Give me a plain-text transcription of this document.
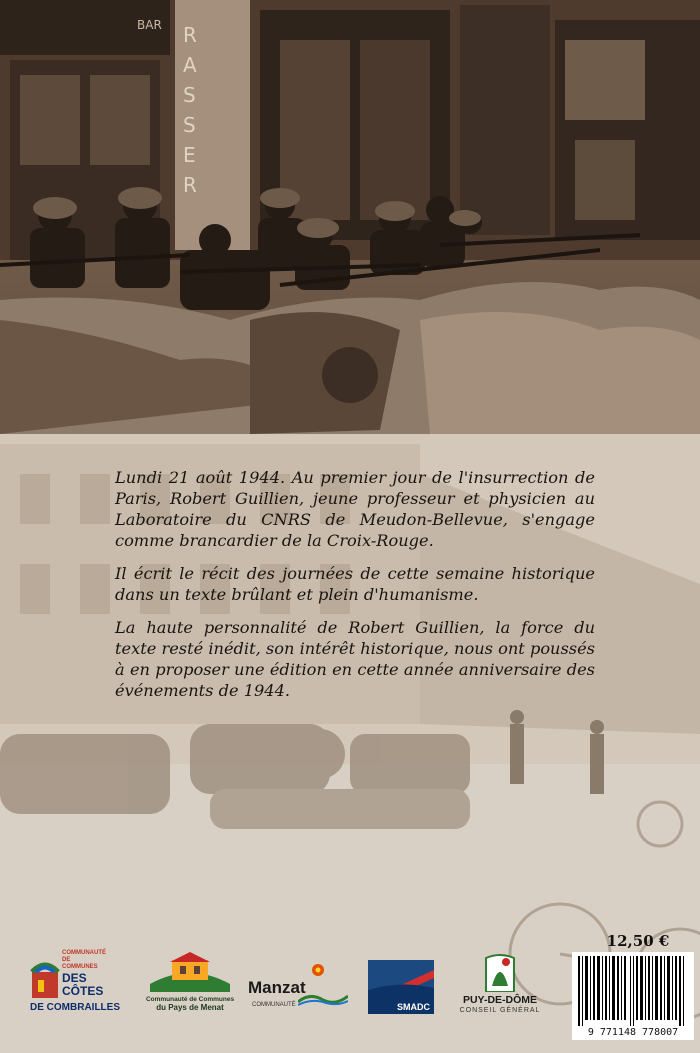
BAR RASSER

Lundi 21 août 1944. Au premier jour de l'insurrection de Paris, Robert Guillien, jeune professeur et physicien au Laboratoire du CNRS de Meudon-Bellevue, s'engage comme brancardier de la Croix-Rouge.

Il écrit le récit des journées de cette semaine historique dans un texte brûlant et plein d'humanisme.

La haute personnalité de Robert Guillien, la force du texte resté inédit, son intérêt historique, nous ont poussés à en proposer une édition en cette année anniversaire des événements de 1944.

12,50 €
9 771148 778007
COMMUNAUTÉ
DE
COMMUNES
DES
CÔTES
DE COMBRAILLES
Communauté de Communes
du Pays de Menat
Manzat
COMMUNAUTÉ	SMADC
PUY-DE-DÔME
CONSEIL GÉNÉRAL
